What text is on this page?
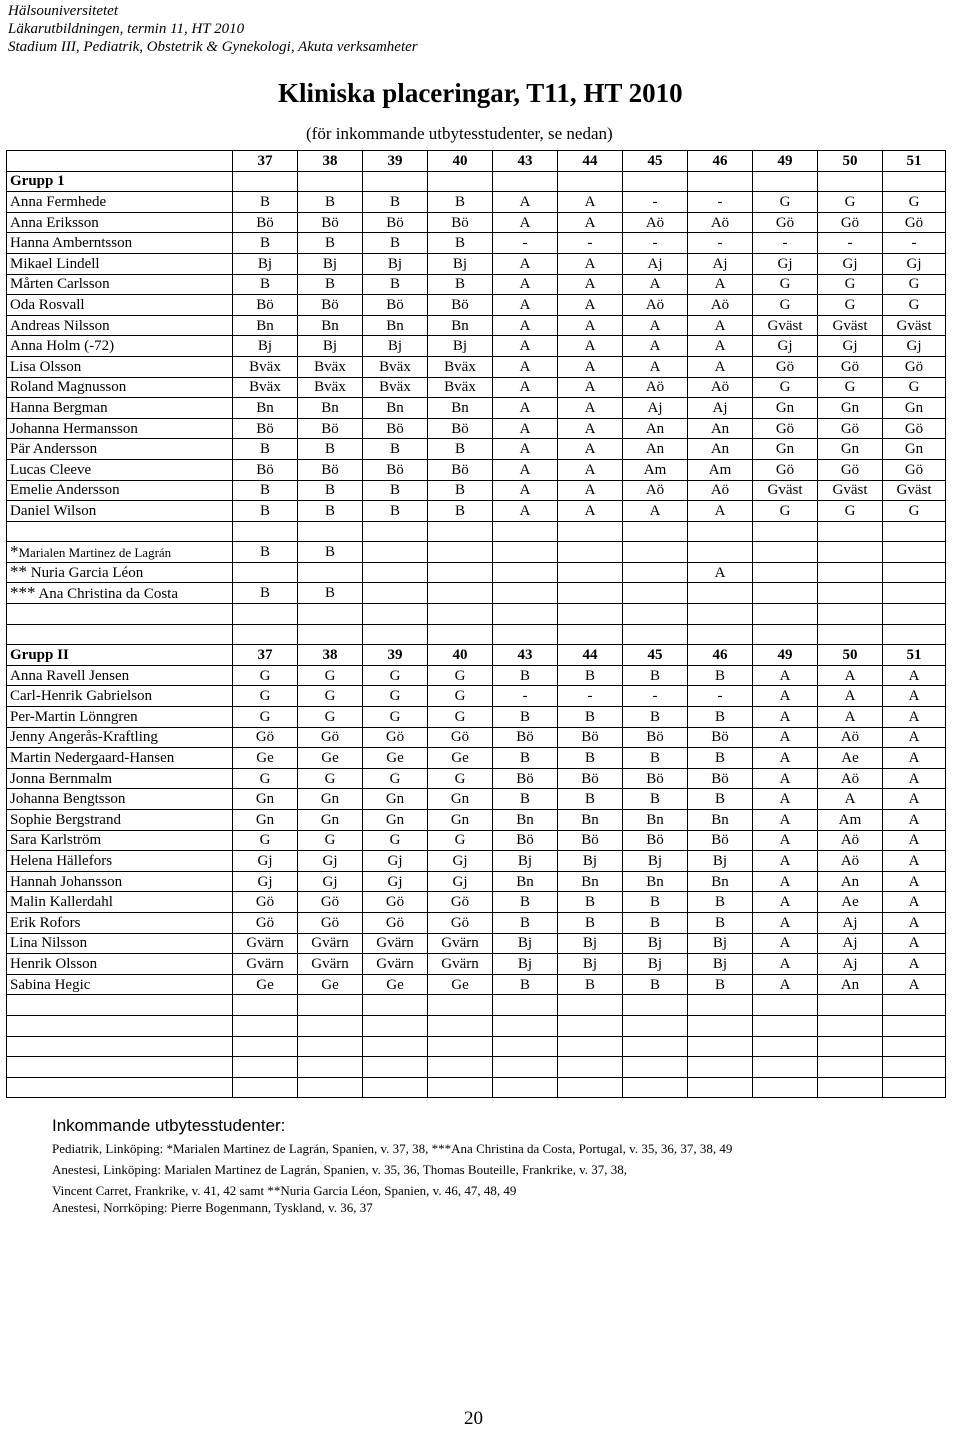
Hälsouniversitetet
Läkarutbildningen, termin 11, HT 2010
Stadium III, Pediatrik, Obstetrik & Gynekologi, Akuta verksamheter
Kliniska placeringar, T11, HT 2010
(för inkommande utbytesstudenter, se nedan)
	37	38	39	40	43	44	45	46	49	50	51
Grupp 1											
Anna Fermhede	B	B	B	B	A	A	-	-	G	G	G
Anna Eriksson	Bö	Bö	Bö	Bö	A	A	Aö	Aö	Gö	Gö	Gö
Hanna Amberntsson	B	B	B	B	-	-	-	-	-	-	-
Mikael Lindell	Bj	Bj	Bj	Bj	A	A	Aj	Aj	Gj	Gj	Gj
Mårten Carlsson	B	B	B	B	A	A	A	A	G	G	G
Oda Rosvall	Bö	Bö	Bö	Bö	A	A	Aö	Aö	G	G	G
Andreas Nilsson	Bn	Bn	Bn	Bn	A	A	A	A	Gväst	Gväst	Gväst
Anna Holm (-72)	Bj	Bj	Bj	Bj	A	A	A	A	Gj	Gj	Gj
Lisa Olsson	Bväx	Bväx	Bväx	Bväx	A	A	A	A	Gö	Gö	Gö
Roland Magnusson	Bväx	Bväx	Bväx	Bväx	A	A	Aö	Aö	G	G	G
Hanna Bergman	Bn	Bn	Bn	Bn	A	A	Aj	Aj	Gn	Gn	Gn
Johanna Hermansson	Bö	Bö	Bö	Bö	A	A	An	An	Gö	Gö	Gö
Pär Andersson	B	B	B	B	A	A	An	An	Gn	Gn	Gn
Lucas Cleeve	Bö	Bö	Bö	Bö	A	A	Am	Am	Gö	Gö	Gö
Emelie Andersson	B	B	B	B	A	A	Aö	Aö	Gväst	Gväst	Gväst
Daniel Wilson	B	B	B	B	A	A	A	A	G	G	G

*Marialen Martinez de Lagrán	B	B									
** Nuria Garcia Léon								A			
*** Ana Christina da Costa	B	B									

Grupp II	37	38	39	40	43	44	45	46	49	50	51
Anna Ravell Jensen	G	G	G	G	B	B	B	B	A	A	A
Carl-Henrik Gabrielson	G	G	G	G	-	-	-	-	A	A	A
Per-Martin Lönngren	G	G	G	G	B	B	B	B	A	A	A
Jenny Angerås-Kraftling	Gö	Gö	Gö	Gö	Bö	Bö	Bö	Bö	A	Aö	A
Martin Nedergaard-Hansen	Ge	Ge	Ge	Ge	B	B	B	B	A	Ae	A
Jonna Bernmalm	G	G	G	G	Bö	Bö	Bö	Bö	A	Aö	A
Johanna Bengtsson	Gn	Gn	Gn	Gn	B	B	B	B	A	A	A
Sophie Bergstrand	Gn	Gn	Gn	Gn	Bn	Bn	Bn	Bn	A	Am	A
Sara Karlström	G	G	G	G	Bö	Bö	Bö	Bö	A	Aö	A
Helena Hällefors	Gj	Gj	Gj	Gj	Bj	Bj	Bj	Bj	A	Aö	A
Hannah Johansson	Gj	Gj	Gj	Gj	Bn	Bn	Bn	Bn	A	An	A
Malin Kallerdahl	Gö	Gö	Gö	Gö	B	B	B	B	A	Ae	A
Erik Rofors	Gö	Gö	Gö	Gö	B	B	B	B	A	Aj	A
Lina Nilsson	Gvärn	Gvärn	Gvärn	Gvärn	Bj	Bj	Bj	Bj	A	Aj	A
Henrik Olsson	Gvärn	Gvärn	Gvärn	Gvärn	Bj	Bj	Bj	Bj	A	Aj	A
Sabina Hegic	Ge	Ge	Ge	Ge	B	B	B	B	A	An	A

Inkommande utbytesstudenter:
Pediatrik, Linköping: *Marialen Martinez de Lagrán, Spanien, v. 37, 38, ***Ana Christina da Costa, Portugal, v. 35, 36, 37, 38, 49
Anestesi, Linköping: Marialen Martinez de Lagrán, Spanien, v. 35, 36, Thomas Bouteille, Frankrike, v. 37, 38,
Vincent Carret, Frankrike, v. 41, 42 samt **Nuria Garcia Léon, Spanien, v. 46, 47, 48, 49
Anestesi, Norrköping: Pierre Bogenmann, Tyskland, v. 36, 37
20
